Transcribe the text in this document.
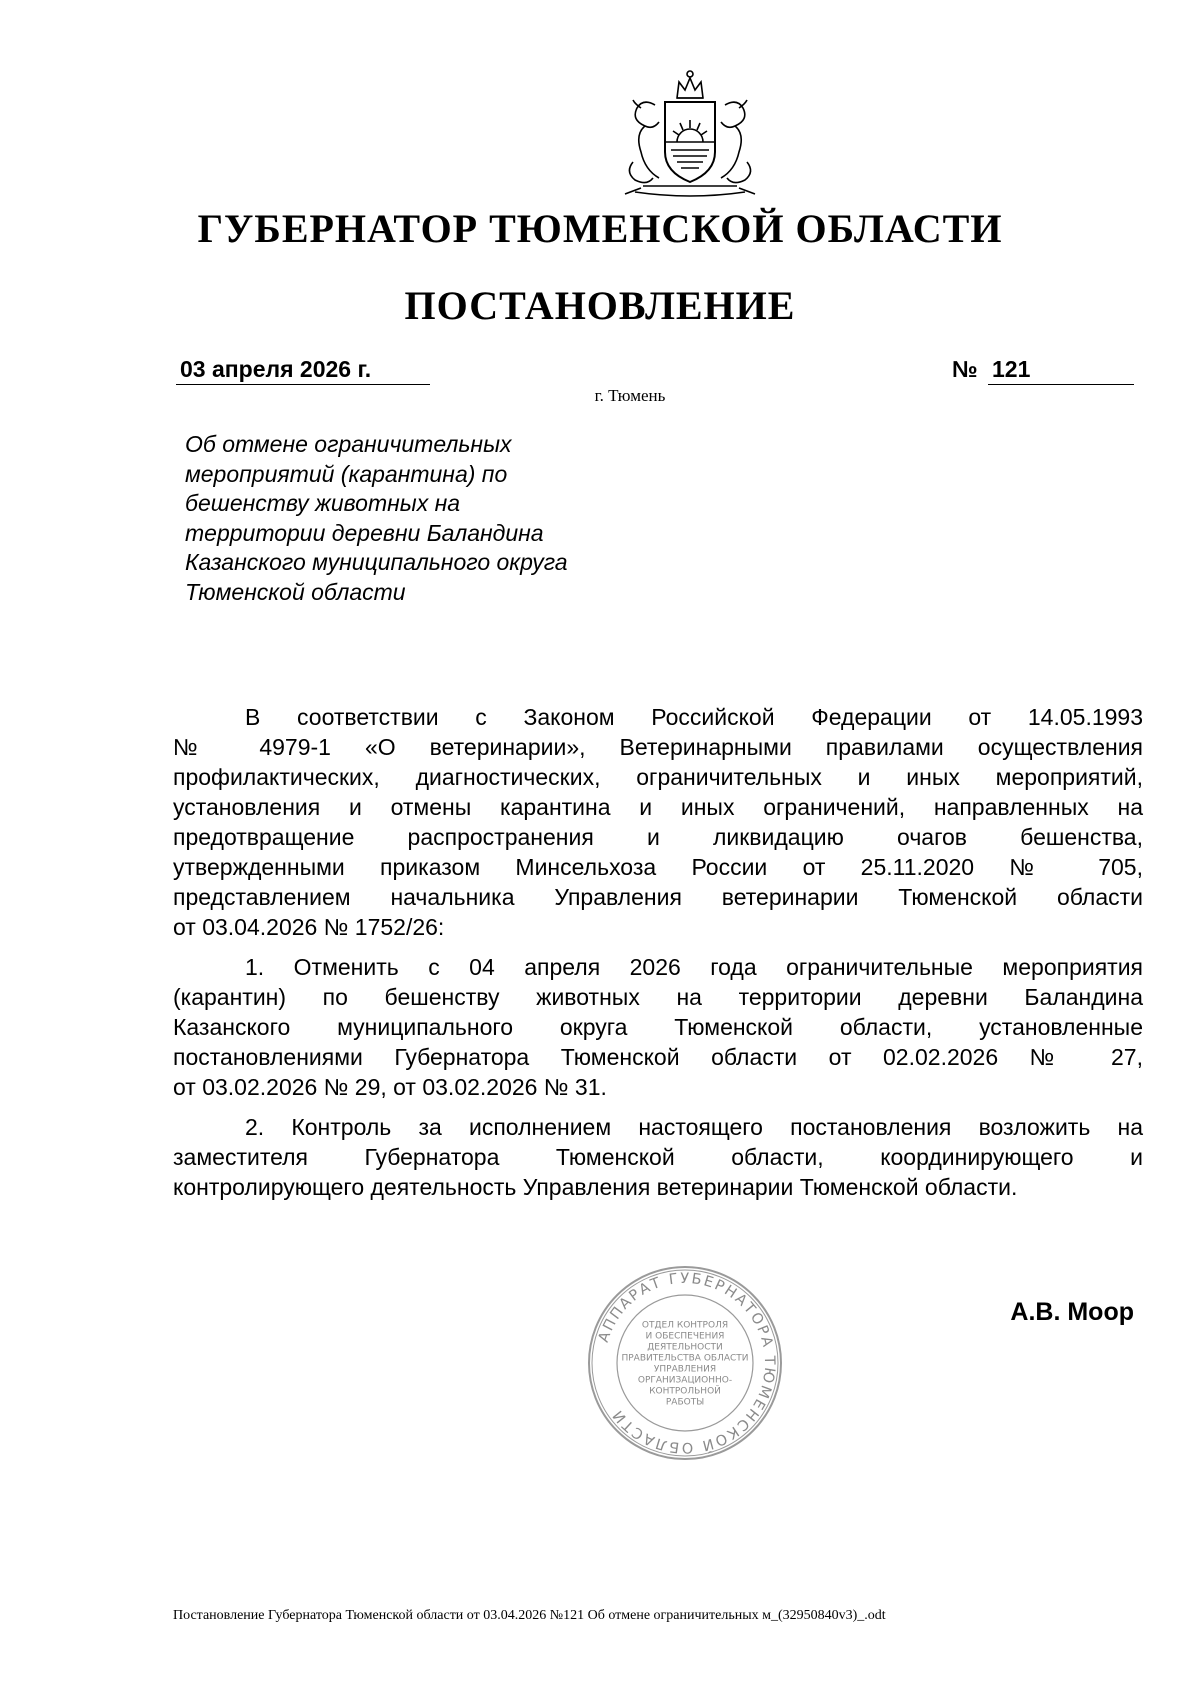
ГУБЕРНАТОР ТЮМЕНСКОЙ ОБЛАСТИ
ПОСТАНОВЛЕНИЕ
03 апреля 2026 г.	№ 121
г. Тюмень
Об отмене ограничительных
мероприятий (карантина) по
бешенству животных на
территории деревни Баландина
Казанского муниципального округа
Тюменской области
В соответствии с Законом Российской Федерации от 14.05.1993
№ 4979-1 «О ветеринарии», Ветеринарными правилами осуществления
профилактических, диагностических, ограничительных и иных мероприятий,
установления и отмены карантина и иных ограничений, направленных на
предотвращение распространения и ликвидацию очагов бешенства,
утвержденными приказом Минсельхоза России от 25.11.2020 № 705,
представлением начальника Управления ветеринарии Тюменской области
от 03.04.2026 № 1752/26:
1. Отменить с 04 апреля 2026 года ограничительные мероприятия
(карантин) по бешенству животных на территории деревни Баландина
Казанского муниципального округа Тюменской области, установленные
постановлениями Губернатора Тюменской области от 02.02.2026 № 27,
от 03.02.2026 № 29, от 03.02.2026 № 31.
2. Контроль за исполнением настоящего постановления возложить на
заместителя Губернатора Тюменской области, координирующего и
контролирующего деятельность Управления ветеринарии Тюменской области.
АППАРАТ ГУБЕРНАТОРА ТЮМЕНСКОЙ ОБЛАСТИ
ОТДЕЛ КОНТРОЛЯ
И ОБЕСПЕЧЕНИЯ
ДЕЯТЕЛЬНОСТИ
ПРАВИТЕЛЬСТВА ОБЛАСТИ
УПРАВЛЕНИЯ
ОРГАНИЗАЦИОННО-
КОНТРОЛЬНОЙ
РАБОТЫ
А.В. Моор
Постановление Губернатора Тюменской области от 03.04.2026 №121 Об отмене ограничительных м_(32950840v3)_.odt
